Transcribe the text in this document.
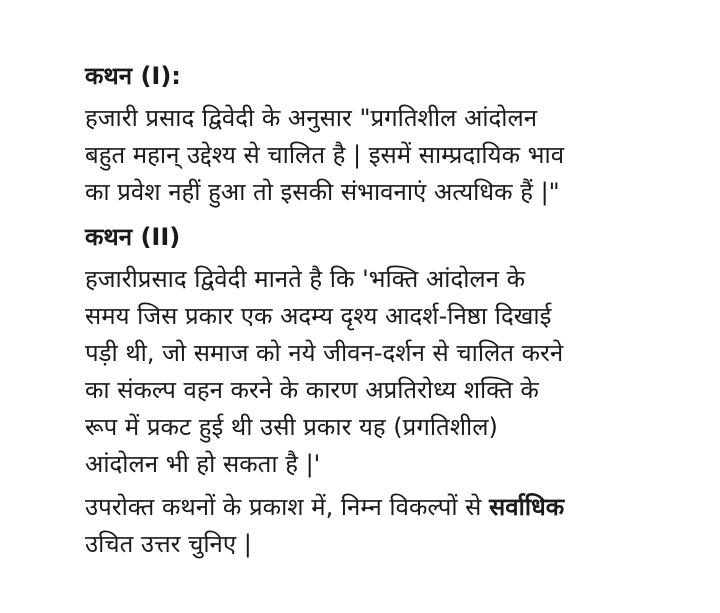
कथन (I):
हजारी प्रसाद द्विवेदी के अनुसार "प्रगतिशील आंदोलन
बहुत महान् उद्देश्य से चालित है | इसमें साम्प्रदायिक भाव
का प्रवेश नहीं हुआ तो इसकी संभावनाएं अत्यधिक हैं |"
कथन (II)
हजारीप्रसाद द्विवेदी मानते है कि 'भक्ति आंदोलन के
समय जिस प्रकार एक अदम्य दृश्य आदर्श-निष्ठा दिखाई
पड़ी थी, जो समाज को नये जीवन-दर्शन से चालित करने
का संकल्प वहन करने के कारण अप्रतिरोध्य शक्ति के
रूप में प्रकट हुई थी उसी प्रकार यह (प्रगतिशील)
आंदोलन भी हो सकता है |'
उपरोक्त कथनों के प्रकाश में, निम्न विकल्पों से सर्वाधिक
उचित उत्तर चुनिए |
